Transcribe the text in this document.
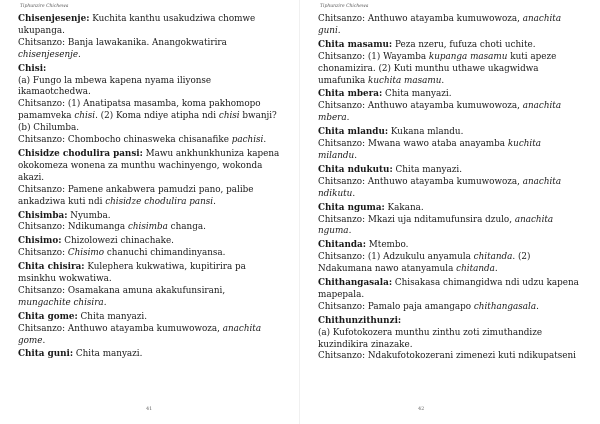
Tiphunzire Chichewa
Chisenjesenje: Kuchita kanthu usakudziwa chomwe
ukupanga.
Chitsanzo: Banja lawakanika. Anangokwatirira
chisenjesenje.
Chisi:
(a) Fungo la mbewa kapena nyama iliyonse
ikamaotchedwa.
Chitsanzo: (1) Anatipatsa masamba, koma pakhomopo
pamamveka chisi. (2) Koma ndiye atipha ndi chisi bwanji?
(b) Chilumba.
Chitsanzo: Chombocho chinasweka chisanafike pachisi.
Chisidze chodulira pansi: Mawu ankhunkhuniza kapena
okokomeza wonena za munthu wachinyengo, wokonda
akazi.
Chitsanzo: Pamene ankabwera pamudzi pano, palibe
ankadziwa kuti ndi chisidze chodulira pansi.
Chisimba: Nyumba.
Chitsanzo: Ndikumanga chisimba changa.
Chisimo: Chizolowezi chinachake.
Chitsanzo: Chisimo chanuchi chimandinyansa.
Chita chisira: Kulephera kukwatiwa, kupitirira pa
msinkhu wokwatiwa.
Chitsanzo: Osamakana amuna akakufunsirani,
mungachite chisira.
Chita gome: Chita manyazi.
Chitsanzo: Anthuwo atayamba kumuwowoza, anachita
gome.
Chita guni: Chita manyazi.
41
Tiphunzire Chichewa
Chitsanzo: Anthuwo atayamba kumuwowoza, anachita
guni.
Chita masamu: Peza nzeru, fufuza choti uchite.
Chitsanzo: (1) Wayamba kupanga masamu kuti apeze
chonamizira. (2) Kuti munthu uthawe ukagwidwa
umafunika kuchita masamu.
Chita mbera: Chita manyazi.
Chitsanzo: Anthuwo atayamba kumuwowoza, anachita
mbera.
Chita mlandu: Kukana mlandu.
Chitsanzo: Mwana wawo ataba anayamba kuchita
milandu.
Chita ndukutu: Chita manyazi.
Chitsanzo: Anthuwo atayamba kumuwowoza, anachita
ndikutu.
Chita nguma: Kakana.
Chitsanzo: Mkazi uja nditamufunsira dzulo, anachita
nguma.
Chitanda: Mtembo.
Chitsanzo: (1) Adzukulu anyamula chitanda. (2)
Ndakumana nawo atanyamula chitanda.
Chithangasala: Chisakasa chimangidwa ndi udzu kapena
mapepala.
Chitsanzo: Pamalo paja amangapo chithangasala.
Chithunzithunzi:
(a) Kufotokozera munthu zinthu zoti zimuthandize
kuzindikira zinazake.
Chitsanzo: Ndakufotokozerani zimenezi kuti ndikupatseni
42
